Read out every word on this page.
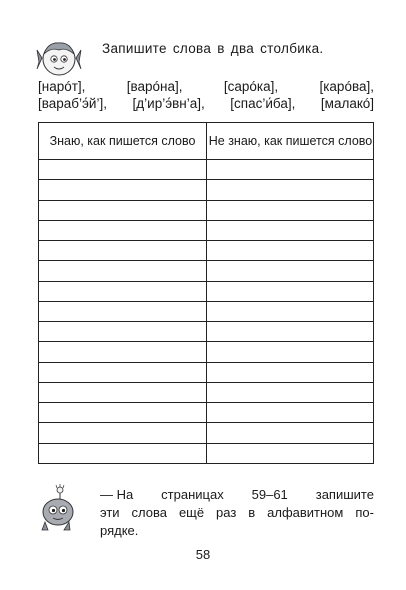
Запишите слова в два столбика.
[нарóт],	[варóна],	[сарóка],	[карóва],
[вараб’э́й’], [д’ир’э́вн’а], [спас’и́ба], [малакó]
Знаю, как пишется слово	Не знаю, как пишется слово
— На страницах 59–61 запишите
эти слова ещё раз в алфавитном по-
рядке.
58
